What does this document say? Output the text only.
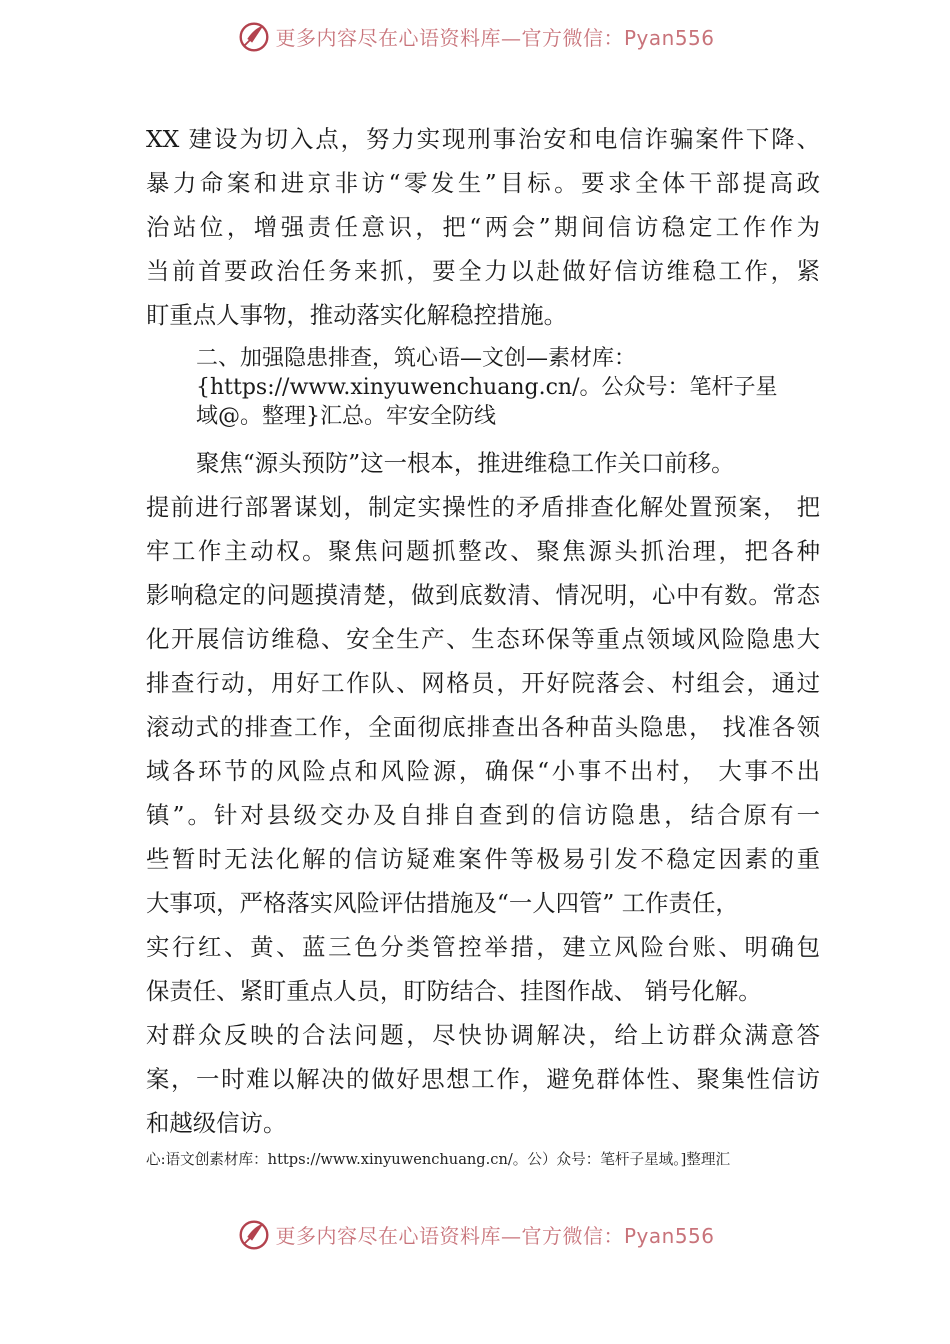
更多内容尽在心语资料库—官方微信：Pyan556
XX 建设为切入点，努力实现刑事治安和电信诈骗案件下降、
暴力命案和进京非访“零发生”目标。要求全体干部提高政
治站位，增强责任意识，把“两会”期间信访稳定工作作为
当前首要政治任务来抓，要全力以赴做好信访维稳工作，紧
盯重点人事物，推动落实化解稳控措施。
二、加强隐患排查，筑心语—文创—素材库：
{https://www.xinyuwenchuang.cn/。公众号：笔杆子星
域@。整理}汇总。牢安全防线
聚焦“源头预防”这一根本，推进维稳工作关口前移。
提前进行部署谋划，制定实操性的矛盾排查化解处置预案， 把
牢工作主动权。聚焦问题抓整改、聚焦源头抓治理，把各种
影响稳定的问题摸清楚，做到底数清、情况明，心中有数。常态
化开展信访维稳、安全生产、生态环保等重点领域风险隐患大
排查行动，用好工作队、网格员，开好院落会、村组会，通过
滚动式的排查工作，全面彻底排查出各种苗头隐患， 找准各领
域各环节的风险点和风险源，确保“小事不出村， 大事不出
镇”。针对县级交办及自排自查到的信访隐患，结合原有一
些暂时无法化解的信访疑难案件等极易引发不稳定因素的重
大事项，严格落实风险评估措施及“一人四管” 工作责任，
实行红、黄、蓝三色分类管控举措，建立风险台账、明确包
保责任、紧盯重点人员，盯防结合、挂图作战、 销号化解。
对群众反映的合法问题，尽快协调解决，给上访群众满意答
案，一时难以解决的做好思想工作，避免群体性、聚集性信访
和越级信访。
心:语文创素材库：https://www.xinyuwenchuang.cn/。公）众号：笔杆子星域。]整理汇
更多内容尽在心语资料库—官方微信：Pyan556
